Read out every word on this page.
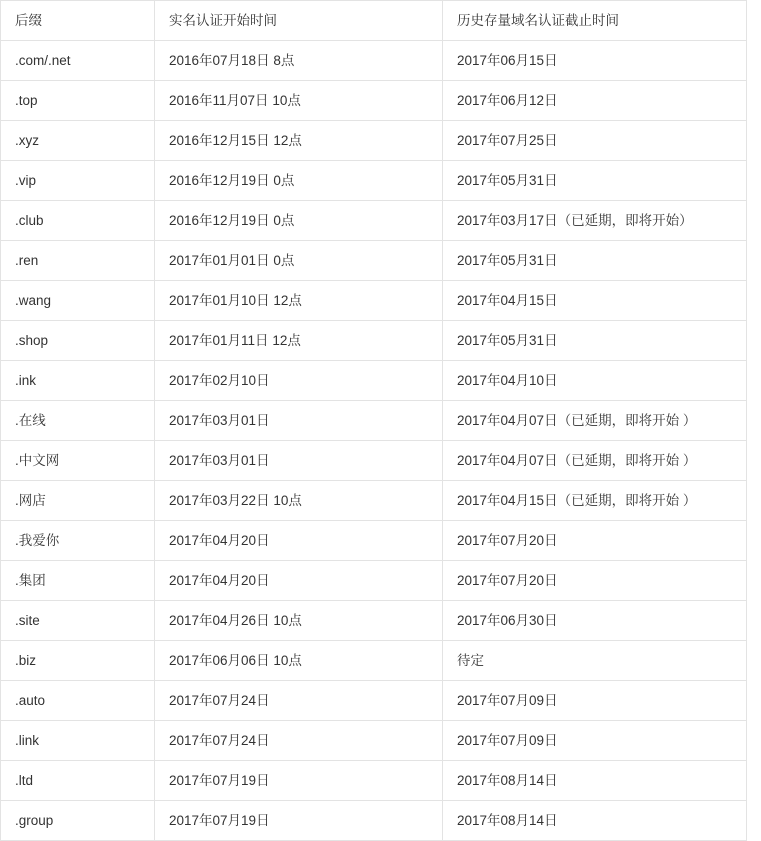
后缀	实名认证开始时间	历史存量域名认证截止时间
.com/.net	2016年07月18日 8点	2017年06月15日
.top	2016年11月07日 10点	2017年06月12日
.xyz	2016年12月15日 12点	2017年07月25日
.vip	2016年12月19日 0点	2017年05月31日
.club	2016年12月19日 0点	2017年03月17日（已延期，即将开始）
.ren	2017年01月01日 0点	2017年05月31日
.wang	2017年01月10日 12点	2017年04月15日
.shop	2017年01月11日 12点	2017年05月31日
.ink	2017年02月10日	2017年04月10日
.在线	2017年03月01日	2017年04月07日（已延期，即将开始 ）
.中文网	2017年03月01日	2017年04月07日（已延期，即将开始 ）
.网店	2017年03月22日 10点	2017年04月15日（已延期，即将开始 ）
.我爱你	2017年04月20日	2017年07月20日
.集团	2017年04月20日	2017年07月20日
.site	2017年04月26日 10点	2017年06月30日
.biz	2017年06月06日 10点	待定
.auto	2017年07月24日	2017年07月09日
.link	2017年07月24日	2017年07月09日
.ltd	2017年07月19日	2017年08月14日
.group	2017年07月19日	2017年08月14日
